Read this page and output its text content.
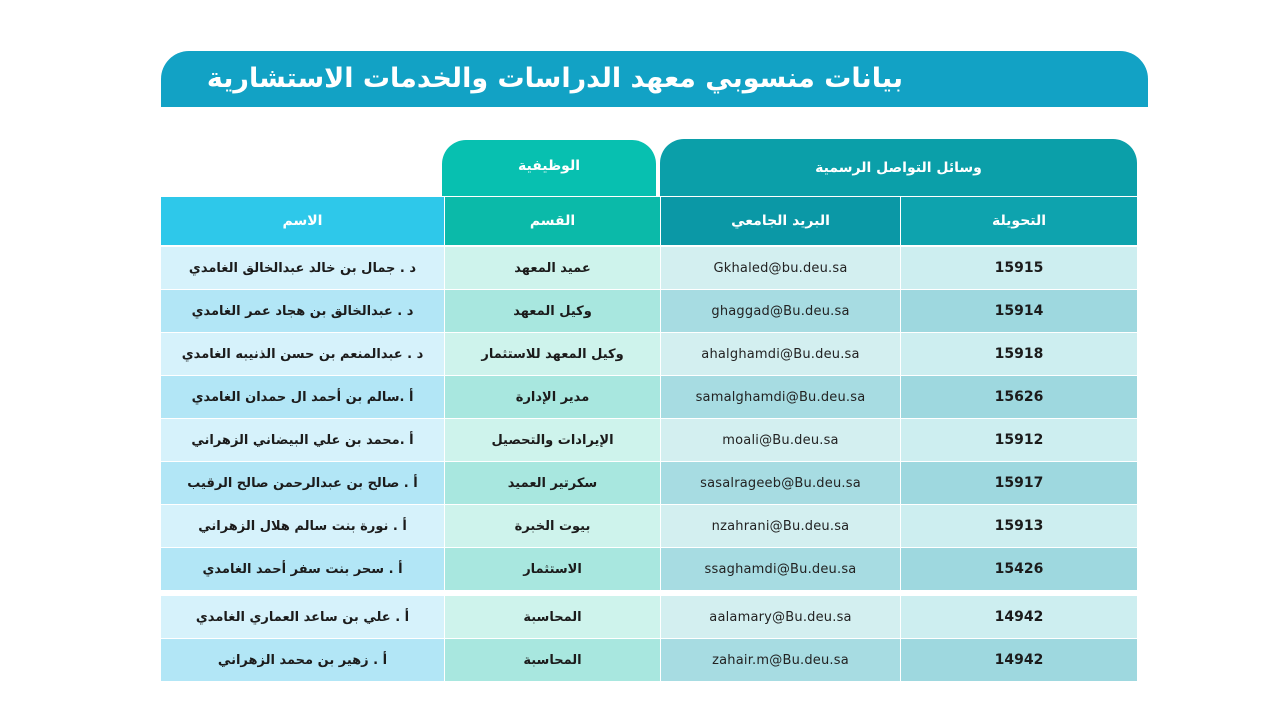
بيانات منسوبي معهد الدراسات والخدمات الاستشارية
الوظيفية	وسائل التواصل الرسمية
التحويلة
البريد الجامعي
القسم
الاسم
15915
Gkhaled@bu.deu.sa
عميد المعهد
د . جمال بن خالد عبدالخالق الغامدي
15914
ghaggad@Bu.deu.sa
وكيل المعهد
د . عبدالخالق بن هجاد عمر الغامدي
15918
ahalghamdi@Bu.deu.sa
وكيل المعهد للاستثمار
د . عبدالمنعم بن حسن الذنيبه الغامدي
15626
samalghamdi@Bu.deu.sa
مدير الإدارة
أ .سالم بن أحمد ال حمدان الغامدي
15912
moali@Bu.deu.sa
الإيرادات والتحصيل
أ .محمد بن علي البيضاني الزهراني
15917
sasalrageeb@Bu.deu.sa
سكرتير العميد
أ . صالح بن عبدالرحمن صالح الرقيب
15913
nzahrani@Bu.deu.sa
بيوت الخبرة
أ . نورة بنت سالم هلال الزهراني
15426
ssaghamdi@Bu.deu.sa
الاستثمار
أ . سحر بنت سفر أحمد الغامدي
14942
aalamary@Bu.deu.sa
المحاسبة
أ . علي بن ساعد العماري الغامدي
14942
zahair.m@Bu.deu.sa
المحاسبة
أ . زهير بن محمد الزهراني
